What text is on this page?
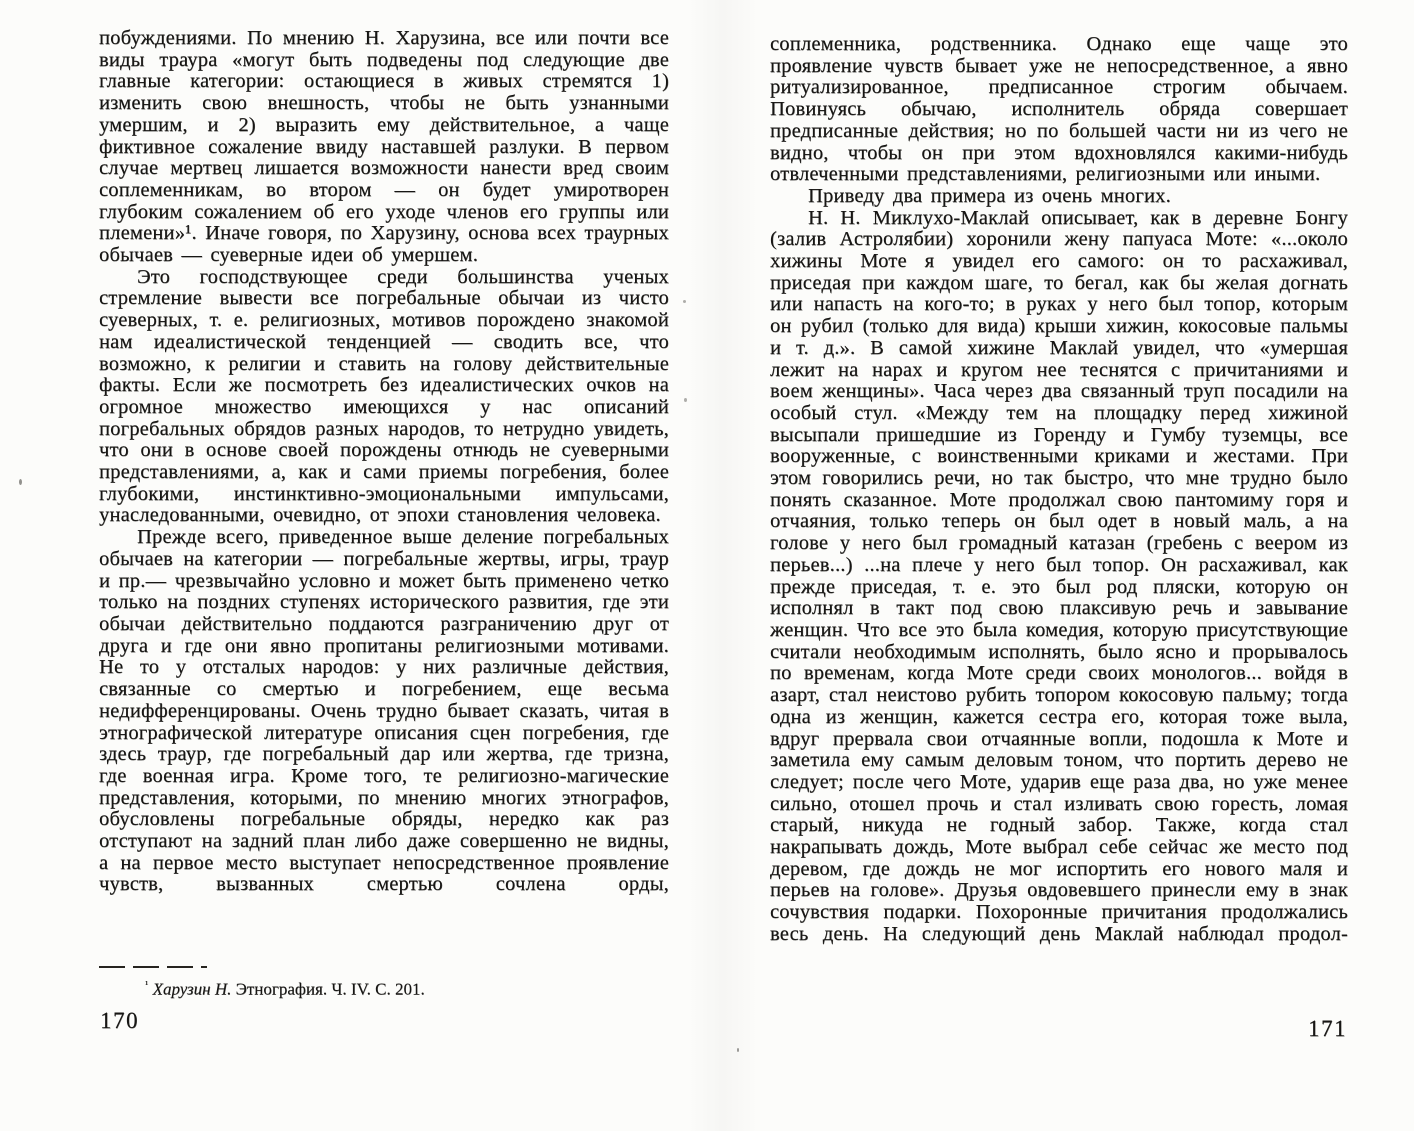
побуждениями. По мнению Н. Харузина, все или почти все виды траура «могут быть подведены под следующие две главные категории: остающиеся в живых стремятся 1) изменить свою внешность, чтобы не быть узнанными умершим, и 2) выразить ему действительное, а чаще фиктивное сожаление ввиду наставшей разлуки. В первом случае мертвец лишается возможности нанести вред своим соплеменникам, во втором — он будет умиротворен глубоким сожалением об его уходе членов его группы или племени»¹. Иначе говоря, по Харузину, основа всех траурных обычаев — суеверные идеи об умершем.

Это господствующее среди большинства ученых стремление вывести все погребальные обычаи из чисто суеверных, т. е. религиозных, мотивов порождено знакомой нам идеалистической тенденцией — сводить все, что возможно, к религии и ставить на голову действительные факты. Если же посмотреть без идеалистических очков на огромное множество имеющихся у нас описаний погребальных обрядов разных народов, то нетрудно увидеть, что они в основе своей порождены отнюдь не суеверными представлениями, а, как и сами приемы погребения, более глубокими, инстинктивно-эмоциональными импульсами, унаследованными, очевидно, от эпохи становления человека.

Прежде всего, приведенное выше деление погребальных обычаев на категории — погребальные жертвы, игры, траур и пр.— чрезвычайно условно и может быть применено четко только на поздних ступенях исторического развития, где эти обычаи действительно поддаются разграничению друг от друга и где они явно пропитаны религиозными мотивами. Не то у отсталых народов: у них различные действия, связанные со смертью и погребением, еще весьма недифференцированы. Очень трудно бывает сказать, читая в этнографической литературе описания сцен погребения, где здесь траур, где погребальный дар или жертва, где тризна, где военная игра. Кроме того, те религиозно-магические представления, которыми, по мнению многих этнографов, обусловлены погребальные обряды, нередко как раз отступают на задний план либо даже совершенно не видны, а на первое место выступает непосредственное проявление чувств, вызванных смертью сочлена орды,

$^{^1}$ Харузин Н. Этнография. Ч. IV. С. 201.

170

соплеменника, родственника. Однако еще чаще это проявление чувств бывает уже не непосредственное, а явно ритуализированное, предписанное строгим обычаем. Повинуясь обычаю, исполнитель обряда совершает предписанные действия; но по большей части ни из чего не видно, чтобы он при этом вдохновлялся какими-нибудь отвлеченными представлениями, религиозными или иными.

Приведу два примера из очень многих.

Н. Н. Миклухо-Маклай описывает, как в деревне Бонгу (залив Астролябии) хоронили жену папуаса Моте: «...около хижины Моте я увидел его самого: он то расхаживал, приседая при каждом шаге, то бегал, как бы желая догнать или напасть на кого-то; в руках у него был топор, которым он рубил (только для вида) крыши хижин, кокосовые пальмы и т. д.». В самой хижине Маклай увидел, что «умершая лежит на нарах и кругом нее теснятся с причитаниями и воем женщины». Часа через два связанный труп посадили на особый стул. «Между тем на площадку перед хижиной высыпали пришедшие из Горенду и Гумбу туземцы, все вооруженные, с воинственными криками и жестами. При этом говорились речи, но так быстро, что мне трудно было понять сказанное. Моте продолжал свою пантомиму горя и отчаяния, только теперь он был одет в новый маль, а на голове у него был громадный катазан (гребень с веером из перьев...) ...на плече у него был топор. Он расхаживал, как прежде приседая, т. е. это был род пляски, которую он исполнял в такт под свою плаксивую речь и завывание женщин. Что все это была комедия, которую присутствующие считали необходимым исполнять, было ясно и прорывалось по временам, когда Моте среди своих монологов... войдя в азарт, стал неистово рубить топором кокосовую пальму; тогда одна из женщин, кажется сестра его, которая тоже выла, вдруг прервала свои отчаянные вопли, подошла к Моте и заметила ему самым деловым тоном, что портить дерево не следует; после чего Моте, ударив еще раза два, но уже менее сильно, отошел прочь и стал изливать свою горесть, ломая старый, никуда не годный забор. Также, когда стал накрапывать дождь, Моте выбрал себе сейчас же место под деревом, где дождь не мог испортить его нового маля и перьев на голове». Друзья овдовевшего принесли ему в знак сочувствия подарки. Похоронные причитания продолжались весь день. На следующий день Маклай наблюдал продол-

171
